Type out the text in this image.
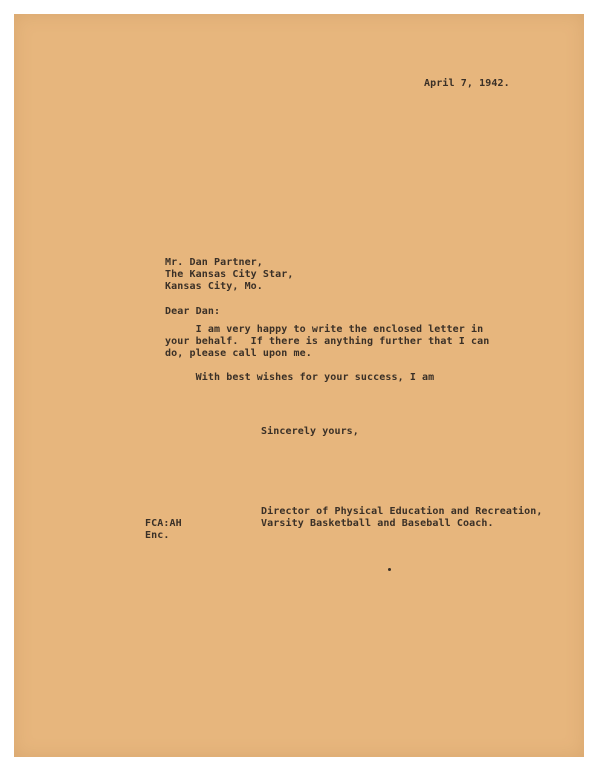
April 7, 1942.
Mr. Dan Partner,
The Kansas City Star,
Kansas City, Mo.
Dear Dan:
I am very happy to write the enclosed letter in
your behalf.  If there is anything further that I can
do, please call upon me.
With best wishes for your success, I am
Sincerely yours,
Director of Physical Education and Recreation,
Varsity Basketball and Baseball Coach.
FCA:AH
Enc.
